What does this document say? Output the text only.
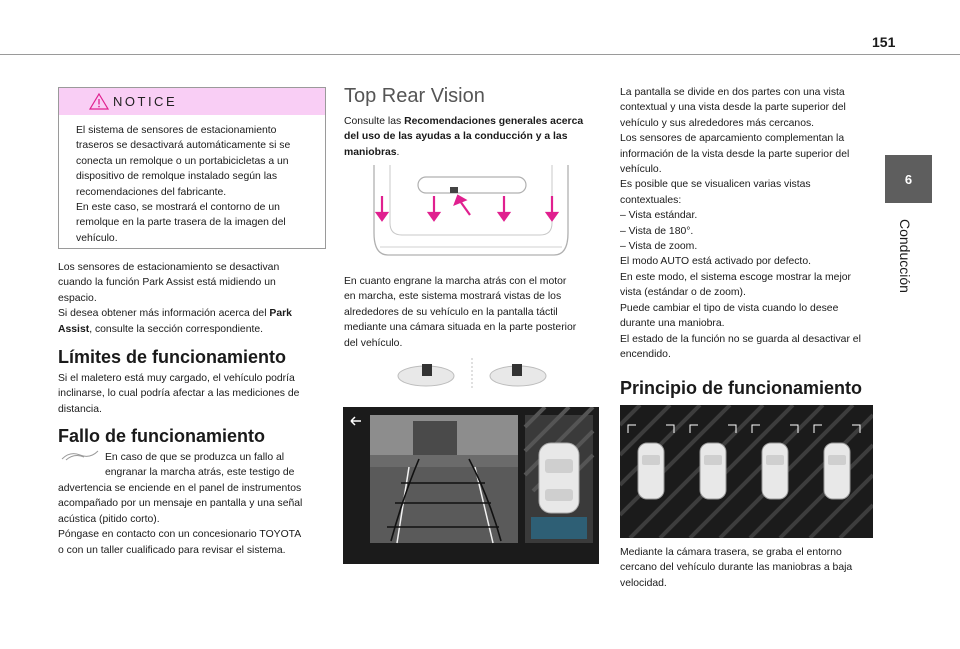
151
6
Conducción
NOTICE

El sistema de sensores de estacionamiento

traseros se desactivará automáticamente si se

conecta un remolque o un portabicicletas a un

dispositivo de remolque instalado según las

recomendaciones del fabricante.

En este caso, se mostrará el contorno de un

remolque en la parte trasera de la imagen del

vehículo.

Los sensores de estacionamiento se desactivan

cuando la función Park Assist está midiendo un

espacio.

Si desea obtener más información acerca del Park

Assist, consulte la sección correspondiente.

Límites de funcionamiento

Si el maletero está muy cargado, el vehículo podría

inclinarse, lo cual podría afectar a las mediciones de

distancia.

Fallo de funcionamiento

En caso de que se produzca un fallo al

engranar la marcha atrás, este testigo de

advertencia se enciende en el panel de instrumentos

acompañado por un mensaje en pantalla y una señal

acústica (pitido corto).

Póngase en contacto con un concesionario TOYOTA

o con un taller cualificado para revisar el sistema.

Top Rear Vision

Consulte las Recomendaciones generales acerca

del uso de las ayudas a la conducción y a las

maniobras.

En cuanto engrane la marcha atrás con el motor

en marcha, este sistema mostrará vistas de los

alrededores de su vehículo en la pantalla táctil

mediante una cámara situada en la parte posterior

del vehículo.

La pantalla se divide en dos partes con una vista

contextual y una vista desde la parte superior del

vehículo y sus alrededores más cercanos.

Los sensores de aparcamiento complementan la

información de la vista desde la parte superior del

vehículo.

Es posible que se visualicen varias vistas

contextuales:

– Vista estándar.

– Vista de 180°.

– Vista de zoom.

El modo AUTO está activado por defecto.

En este modo, el sistema escoge mostrar la mejor

vista (estándar o de zoom).

Puede cambiar el tipo de vista cuando lo desee

durante una maniobra.

El estado de la función no se guarda al desactivar el

encendido.

Principio de funcionamiento

Mediante la cámara trasera, se graba el entorno

cercano del vehículo durante las maniobras a baja

velocidad.
